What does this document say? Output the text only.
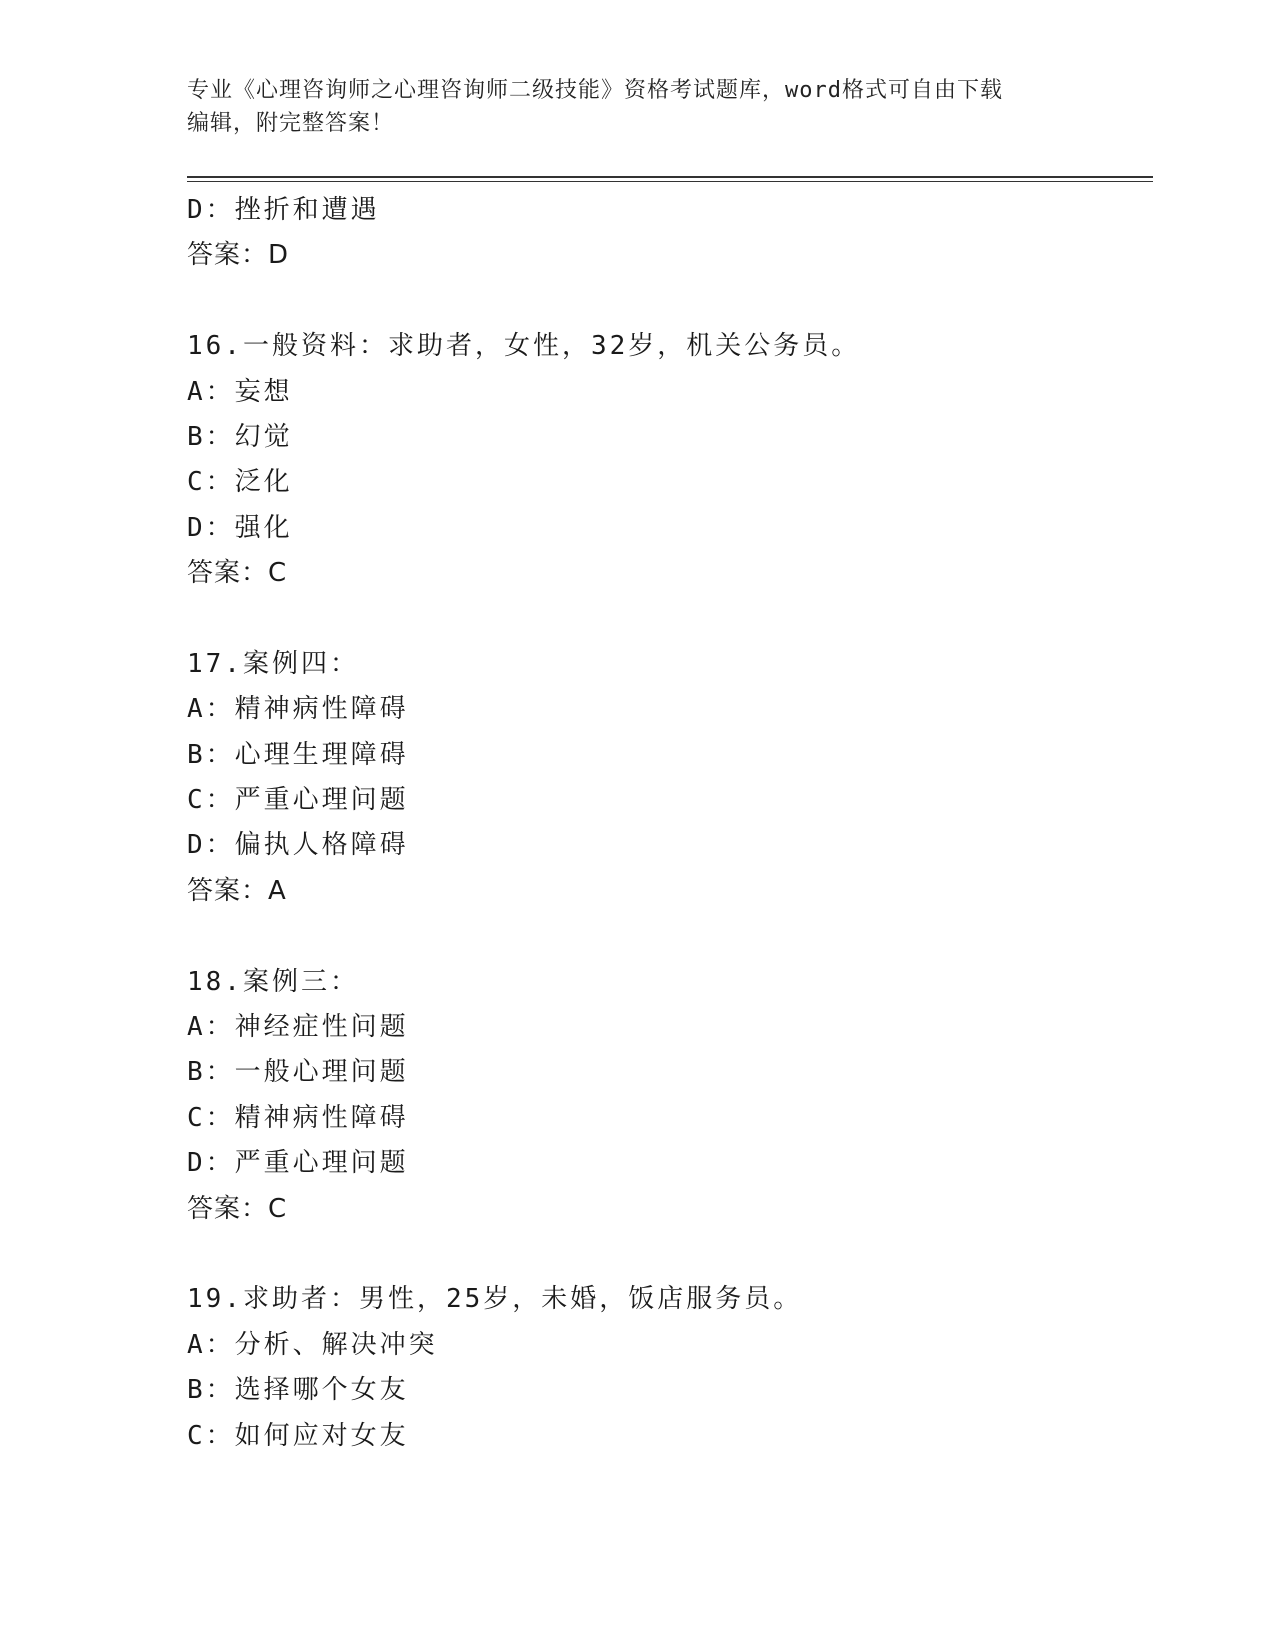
专业《心理咨询师之心理咨询师二级技能》资格考试题库，word格式可自由下载
编辑，附完整答案！
D：挫折和遭遇
答案：D
16.一般资料：求助者，女性，32岁，机关公务员。
A：妄想
B：幻觉
C：泛化
D：强化
答案：C
17.案例四：
A：精神病性障碍
B：心理生理障碍
C：严重心理问题
D：偏执人格障碍
答案：A
18.案例三：
A：神经症性问题
B：一般心理问题
C：精神病性障碍
D：严重心理问题
答案：C
19.求助者：男性，25岁，未婚，饭店服务员。
A：分析、解决冲突
B：选择哪个女友
C：如何应对女友
